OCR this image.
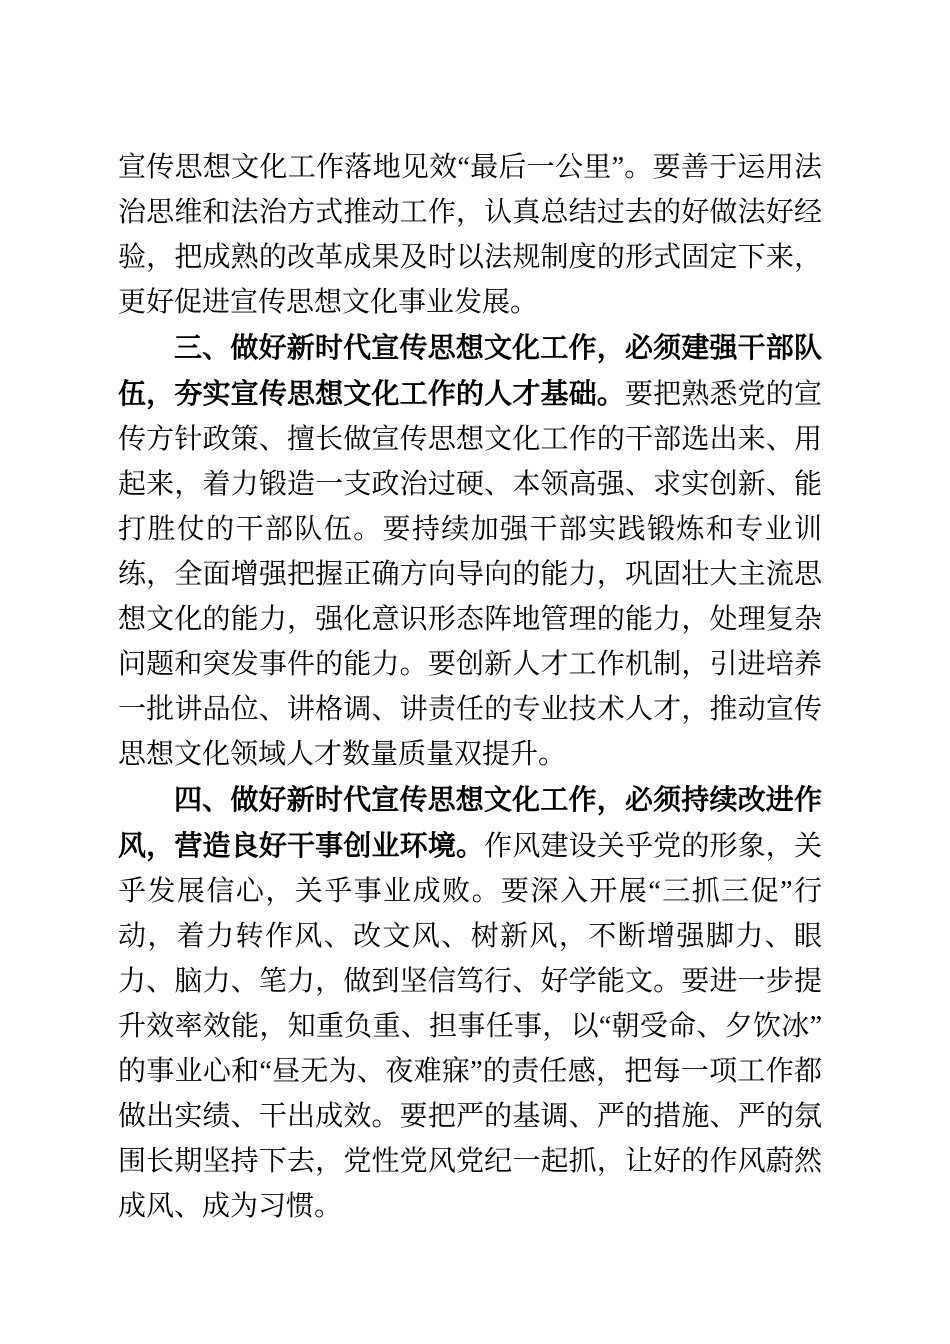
宣传思想文化工作落地见效“最后一公里”。要善于运用法治思维和法治方式推动工作，认真总结过去的好做法好经验，把成熟的改革成果及时以法规制度的形式固定下来，更好促进宣传思想文化事业发展。

三、做好新时代宣传思想文化工作，必须建强干部队伍，夯实宣传思想文化工作的人才基础。要把熟悉党的宣传方针政策、擅长做宣传思想文化工作的干部选出来、用起来，着力锻造一支政治过硬、本领高强、求实创新、能打胜仗的干部队伍。要持续加强干部实践锻炼和专业训练，全面增强把握正确方向导向的能力，巩固壮大主流思想文化的能力，强化意识形态阵地管理的能力，处理复杂问题和突发事件的能力。要创新人才工作机制，引进培养一批讲品位、讲格调、讲责任的专业技术人才，推动宣传思想文化领域人才数量质量双提升。

四、做好新时代宣传思想文化工作，必须持续改进作风，营造良好干事创业环境。作风建设关乎党的形象，关乎发展信心，关乎事业成败。要深入开展“三抓三促”行动，着力转作风、改文风、树新风，不断增强脚力、眼力、脑力、笔力，做到坚信笃行、好学能文。要进一步提升效率效能，知重负重、担事任事，以“朝受命、夕饮冰”的事业心和“昼无为、夜难寐”的责任感，把每一项工作都做出实绩、干出成效。要把严的基调、严的措施、严的氛围长期坚持下去，党性党风党纪一起抓，让好的作风蔚然成风、成为习惯。
